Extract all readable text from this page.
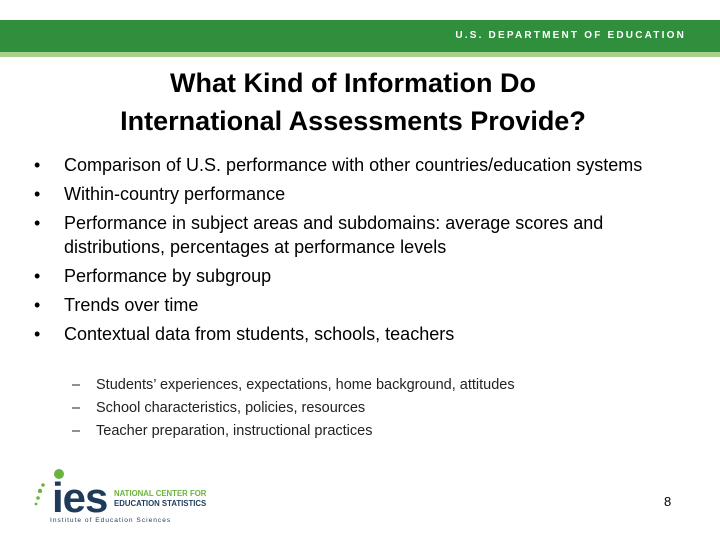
U.S. DEPARTMENT OF EDUCATION
What Kind of Information Do
International Assessments Provide?
• Comparison of U.S. performance with other countries/education systems
• Within-country performance
• Performance in subject areas and subdomains: average scores and distributions, percentages at performance levels
• Performance by subgroup
• Trends over time
• Contextual data from students, schools, teachers
– Students’ experiences, expectations, home background, attitudes
– School characteristics, policies, resources
– Teacher preparation, instructional practices
ies NATIONAL CENTER FOR
EDUCATION STATISTICS
Institute of Education Sciences
8
